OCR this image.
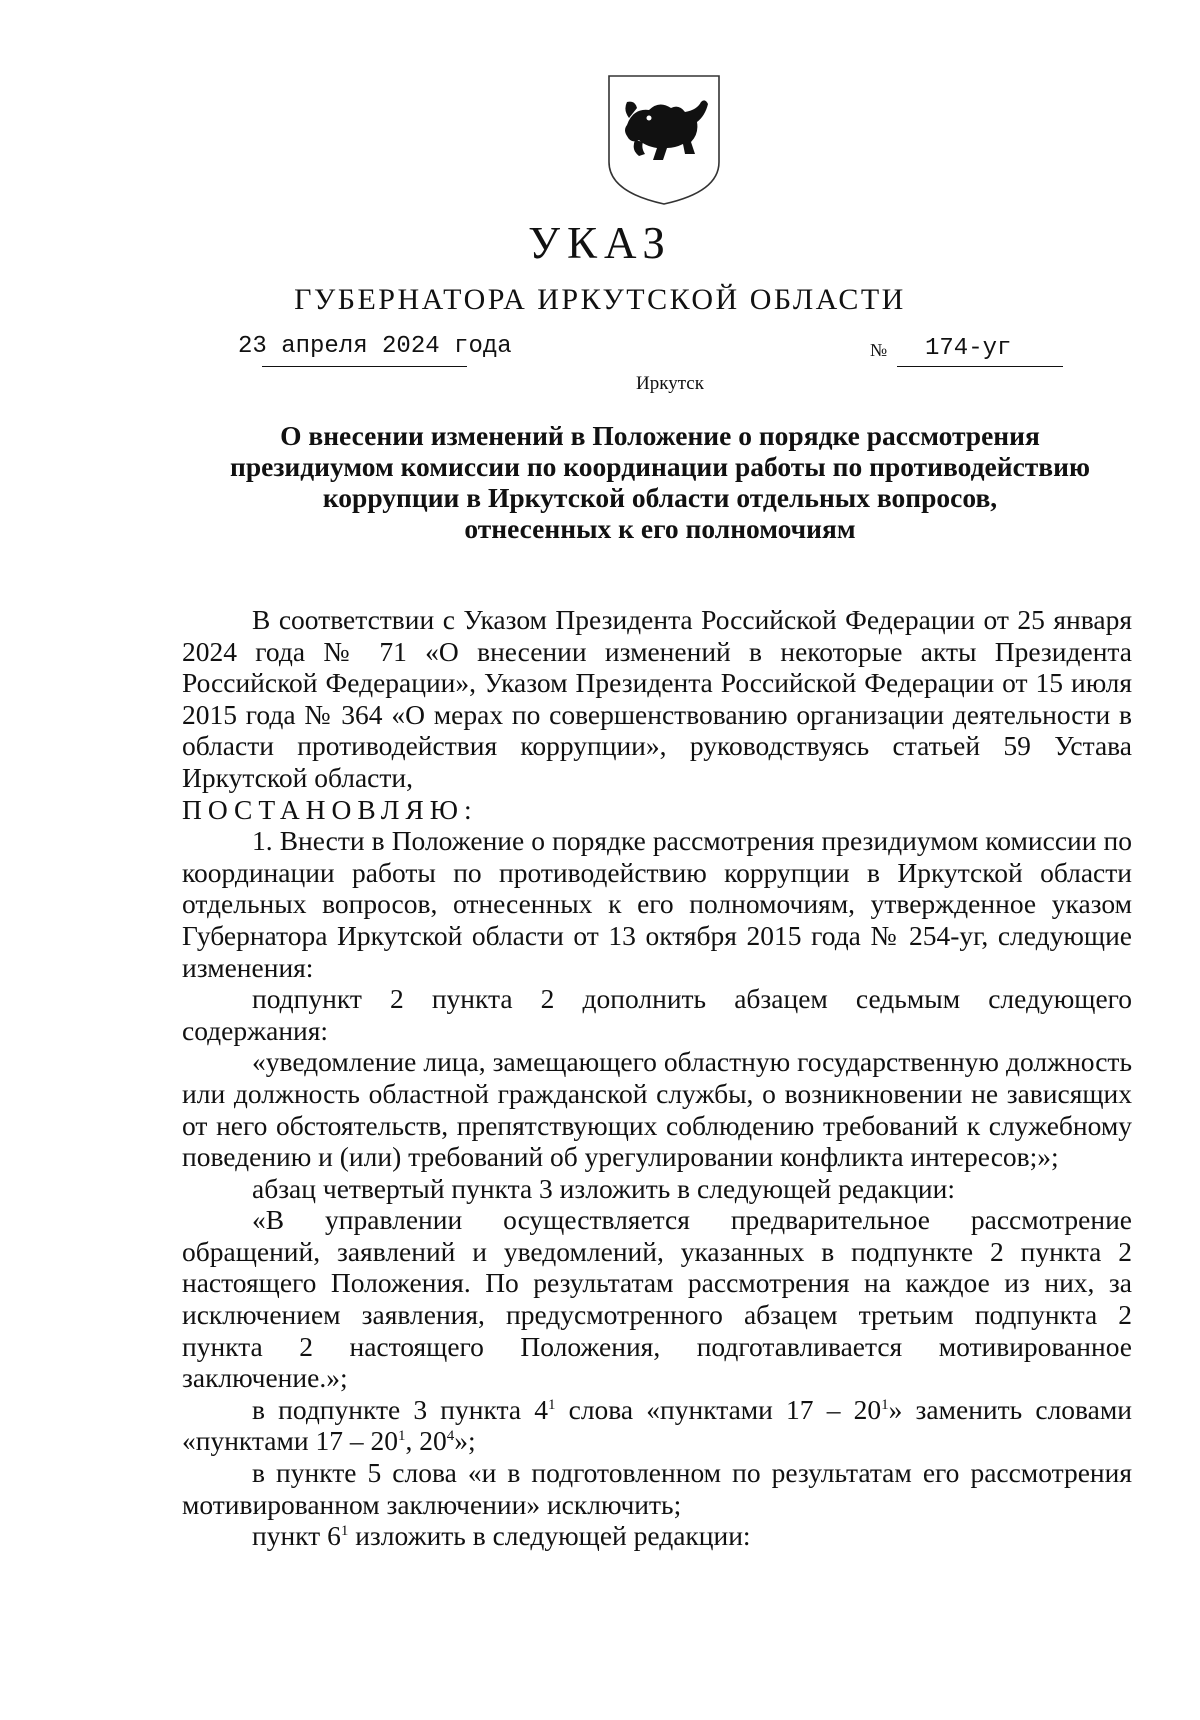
УКАЗ
ГУБЕРНАТОРА ИРКУТСКОЙ ОБЛАСТИ
23 апреля 2024 года	№ 174-уг
Иркутск
О внесении изменений в Положение о порядке рассмотрения
президиумом комиссии по координации работы по противодействию
коррупции в Иркутской области отдельных вопросов,
отнесенных к его полномочиям

В соответствии с Указом Президента Российской Федерации от 25 января 2024 года № 71 «О внесении изменений в некоторые акты Президента Российской Федерации», Указом Президента Российской Федерации от 15 июля 2015 года № 364 «О мерах по совершенствованию организации деятельности в области противодействия коррупции», руководствуясь статьей 59 Устава Иркутской области,

ПОСТАНОВЛЯЮ:

1. Внести в Положение о порядке рассмотрения президиумом комиссии по координации работы по противодействию коррупции в Иркутской области отдельных вопросов, отнесенных к его полномочиям, утвержденное указом Губернатора Иркутской области от 13 октября 2015 года № 254-уг, следующие изменения:

подпункт 2 пункта 2 дополнить абзацем седьмым следующего содержания:

«уведомление лица, замещающего областную государственную должность или должность областной гражданской службы, о возникновении не зависящих от него обстоятельств, препятствующих соблюдению требований к служебному поведению и (или) требований об урегулировании конфликта интересов;»;

абзац четвертый пункта 3 изложить в следующей редакции:

«В управлении осуществляется предварительное рассмотрение обращений, заявлений и уведомлений, указанных в подпункте 2 пункта 2 настоящего Положения. По результатам рассмотрения на каждое из них, за исключением заявления, предусмотренного абзацем третьим подпункта 2 пункта 2 настоящего Положения, подготавливается мотивированное заключение.»;

в подпункте 3 пункта $4^1$ слова «пунктами $17 - 20^1$» заменить словами «пунктами $17 - 20^1$, $20^4$»;

в пункте 5 слова «и в подготовленном по результатам его рассмотрения мотивированном заключении» исключить;

пункт $6^1$ изложить в следующей редакции:
